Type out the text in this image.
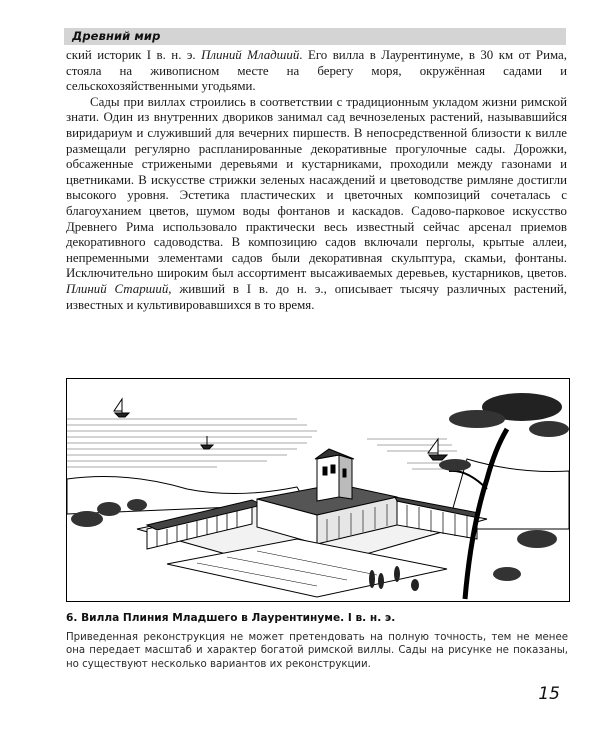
Древний мир

ский историк I в. н. э. Плиний Младший. Его вилла в Лаурентинуме, в 30 км от Рима, стояла на живописном месте на берегу моря, окружённая садами и сельскохозяйственными угодьями.

Сады при виллах строились в соответствии с традиционным укладом жизни римской знати. Один из внутренних двориков занимал сад вечнозеленых растений, называвшийся виридариум и служивший для вечерних пиршеств. В непосредственной близости к вилле размещали регулярно распланированные декоративные прогулочные сады. Дорожки, обсаженные стрижеными деревьями и кустарниками, проходили между газонами и цветниками. В искусстве стрижки зеленых насаждений и цветоводстве римляне достигли высокого уровня. Эстетика пластических и цветочных композиций сочеталась с благоуханием цветов, шумом воды фонтанов и каскадов. Садово-парковое искусство Древнего Рима использовало практически весь известный сейчас арсенал приемов декоративного садоводства. В композицию садов включали перголы, крытые аллеи, непременными элементами садов были декоративная скульптура, скамьи, фонтаны. Исключительно широким был ассортимент высаживаемых деревьев, кустарников, цветов. Плиний Старший, живший в I в. до н. э., описывает тысячу различных растений, известных и культивировавшихся в то время.

6. Вилла Плиния Младшего в Лаурентинуме. I в. н. э.
Приведенная реконструкция не может претендовать на полную точность, тем не менее она передает масштаб и характер богатой римской виллы. Сады на рисунке не показаны, но существуют несколько вариантов их реконструкции.
15
